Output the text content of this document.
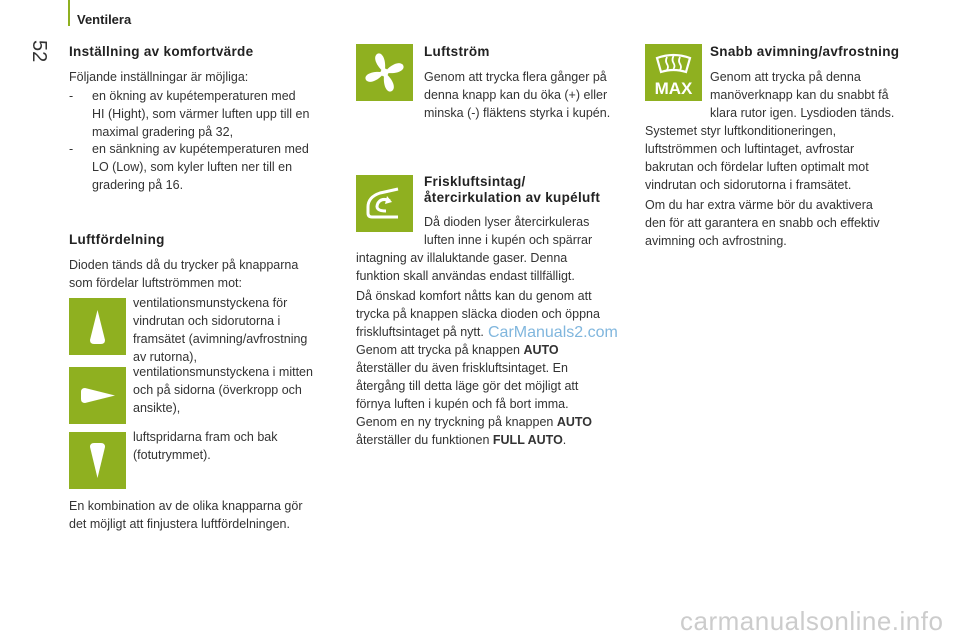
Ventilera
52 Inställning av komfortvärde

Följande inställningar är möjliga:

- en ökning av kupétemperaturen med

HI (Hight), som värmer luften upp till en

maximal gradering på 32,

- en sänkning av kupétemperaturen med

LO (Low), som kyler luften ner till en

gradering på 16.

Luftfördelning

Dioden tänds då du trycker på knapparna

som fördelar luftströmmen mot:

ventilationsmunstyckena för

vindrutan och sidorutorna i

framsätet (avimning/avfrostning

av rutorna),

ventilationsmunstyckena i mitten

och på sidorna (överkropp och

ansikte),

luftspridarna fram och bak

(fotutrymmet).

En kombination av de olika knapparna gör

det möjligt att finjustera luftfördelningen.

Luftström

Genom att trycka flera gånger på

denna knapp kan du öka (+) eller

minska (-) fläktens styrka i kupén.

Friskluftsintag/
återcirkulation av kupéluft

Då dioden lyser återcirkuleras

luften inne i kupén och spärrar

intagning av illaluktande gaser. Denna

funktion skall användas endast tillfälligt.

Då önskad komfort nåtts kan du genom att

trycka på knappen släcka dioden och öppna

friskluftsintaget på nytt.

Genom att trycka på knappen AUTO

återställer du även friskluftsintaget. En

återgång till detta läge gör det möjligt att

förnya luften i kupén och få bort imma.

Genom en ny tryckning på knappen AUTO

återställer du funktionen FULL AUTO.

MAX
Snabb avimning/avfrostning

Genom att trycka på denna

manöverknapp kan du snabbt få

klara rutor igen. Lysdioden tänds.

Systemet styr luftkonditioneringen,

luftströmmen och luftintaget, avfrostar

bakrutan och fördelar luften optimalt mot

vindrutan och sidorutorna i framsätet.

Om du har extra värme bör du avaktivera

den för att garantera en snabb och effektiv

avimning och avfrostning.

CarManuals2.com
carmanualsonline.info
